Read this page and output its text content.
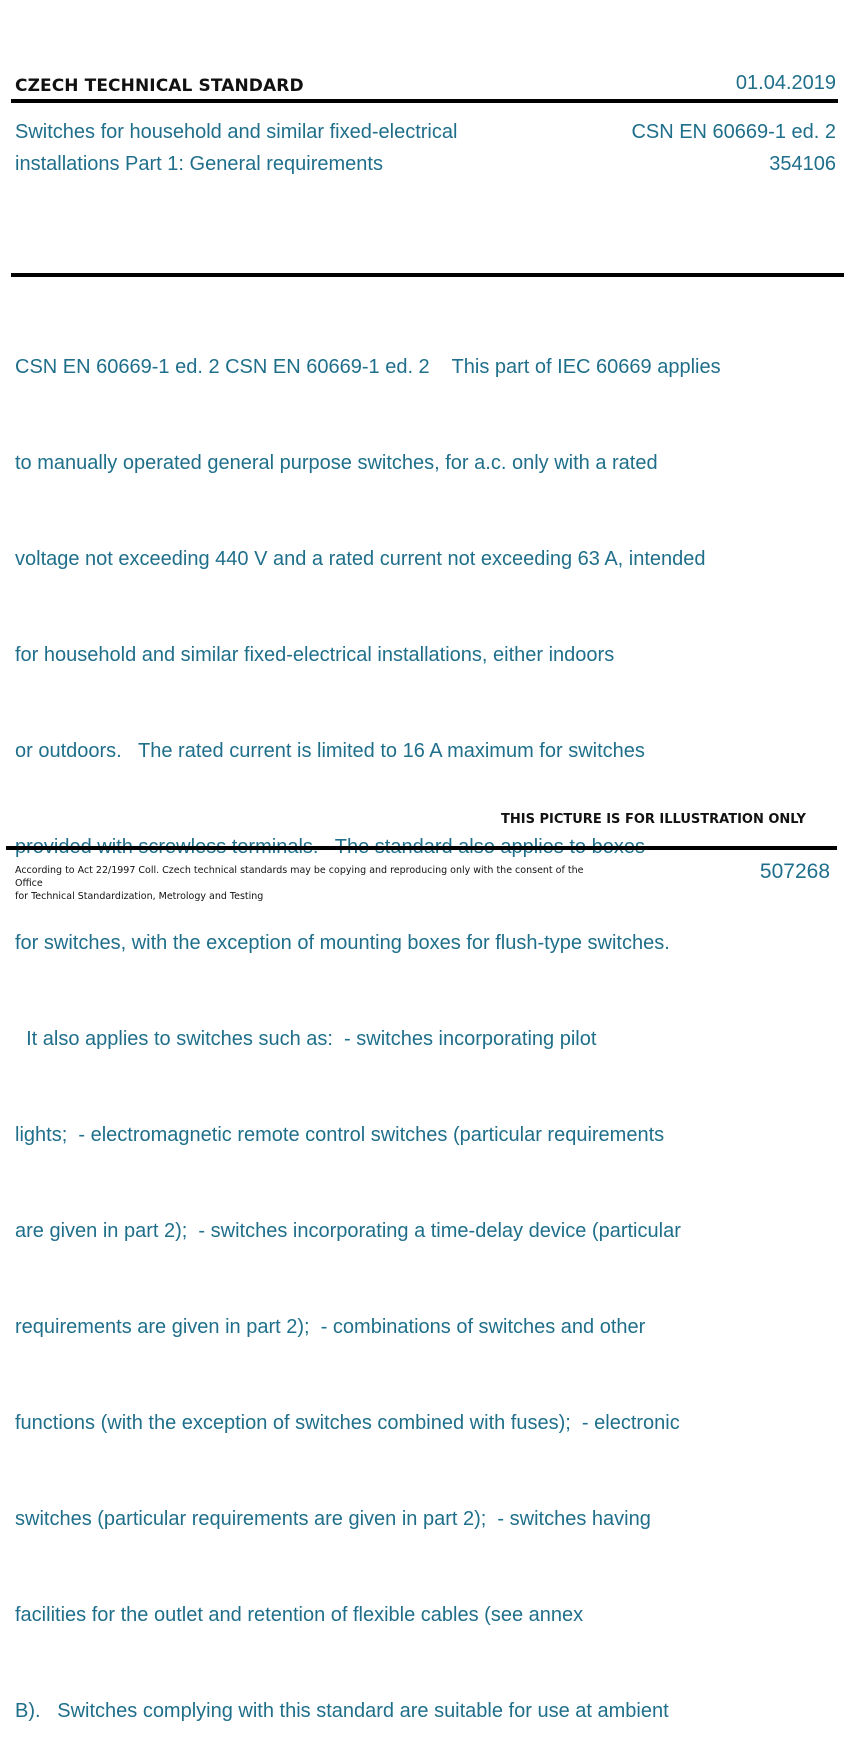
CZECH TECHNICAL STANDARD	01.04.2019
Switches for household and similar fixed-electrical
installations Part 1: General requirements
CSN EN 60669-1 ed. 2
354106

CSN EN 60669-1 ed. 2 CSN EN 60669-1 ed. 2    This part of IEC 60669 applies

to manually operated general purpose switches, for a.c. only with a rated

voltage not exceeding 440 V and a rated current not exceeding 63 A, intended

for household and similar fixed-electrical installations, either indoors

or outdoors.   The rated current is limited to 16 A maximum for switches

for switches, with the exception of mounting boxes for flush-type switches.

It also applies to switches such as:  - switches incorporating pilot

lights;  - electromagnetic remote control switches (particular requirements

are given in part 2);  - switches incorporating a time-delay device (particular

requirements are given in part 2);  - combinations of switches and other

functions (with the exception of switches combined with fuses);  - electronic

switches (particular requirements are given in part 2);  - switches having

facilities for the outlet and retention of flexible cables (see annex

B).   Switches complying with this standard are suitable for use at ambient

THIS PICTURE IS FOR ILLUSTRATION ONLY
According to Act 22/1997 Coll. Czech technical standards may be copying and reproducing only with the consent of the Office
for Technical Standardization, Metrology and Testing
507268
